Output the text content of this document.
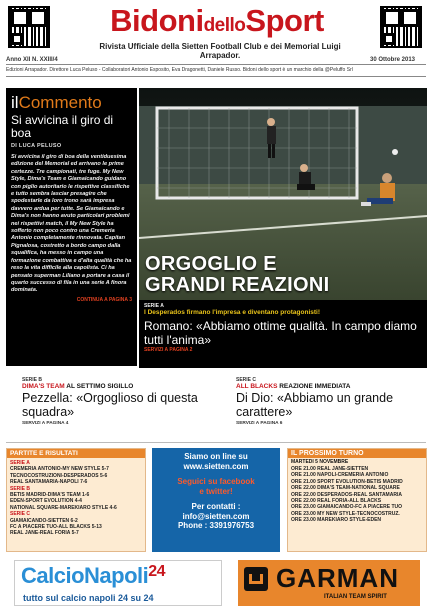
BidonidelloSport
Rivista Ufficiale della Sietten Football Club e dei Memorial Luigi Arrapador.
Anno XII N. XXIII/4	30 Ottobre 2013
Edizioni Arrapador. Direttore Luca Peluso - Collaboratori Antonio Esposito, Eva Dragonetti, Daniele Russo. Bidoni dello sport è un marchio della @Peluffo Srl
ilCommento
Si avvicina il giro di boa
DI LUCA PELUSO
Si avvicina il giro di boa della ventiduesima edizione del Memorial ed arrivano le prime certezze. Tre campionati, tre fuge. My New Style, Dima's Team e Giamaicando guidano con piglio autoritario le rispettive classifiche e tutto sembra lasciar presagire che spodestarle da loro trono sarà impresa davvero ardua per tutte. Se Giamaicando e Dima's non hanno avuto particolari problemi nei rispettivi match, il My New Style ha sofferto non poco contro una Cremeria Antonio completamente rinnovata. Capitan Pignalosa, costretto a bordo campo dalla squalifica, ha messo in campo una formazione combattiva e d'alta qualità che ha reso la vita difficile alla capolista. Ci ha pensato superman Liliano a portare a casa il quarto successo di fila in una serie A finora dominata.
CONTINUA A PAGINA 3
ORGOGLIO E
GRANDI REAZIONI
SERIE A
I Desperados firmano l'impresa e diventano protagonisti!
Romano: «Abbiamo ottime qualità. In campo diamo tutti l'anima»
SERVIZI A PAGINA 2
SERIE B
DIMA'S TEAM AL SETTIMO SIGILLO
Pezzella: «Orgoglioso di questa squadra»
SERVIZI A PAGINA 4
SERIE C
ALL BLACKS REAZIONE IMMEDIATA
Di Dio: «Abbiamo un grande carattere»
SERVIZI A PAGINA 6
PARTITE E RISULTATI
SERIE A
CREMERIA ANTONIO-MY NEW STYLE 5-7
TECNOCOSTRUZIONI-DESPERADOS 5-6
REAL SANTAMARIA-NAPOLI 7-6
SERIE B
BETIS MADRID-DIMA'S TEAM 1-6
EDEN-SPORT EVOLUTION 4-4
NATIONAL SQUARE-MAREKIARO STYLE 4-6
SERIE C
GIAMAICANDO-SIETTEN 6-2
FC A PIACERE TUO-ALL BLACKS 5-13
REAL JANE-REAL FORIA 5-7
Siamo on line su
www.sietten.com
Seguici su facebook
e twitter!
Per contatti :
info@sietten.com
Phone : 3391976753
IL PROSSIMO TURNO
MARTEDI 5 NOVEMBRE
ORE 21.00 REAL JANE-SIETTEN
ORE 21.00 NAPOLI-CREMERIA ANTONIO
ORE 21.00 SPORT EVOLUTION-BETIS MADRID
ORE 22.00 DIMA'S TEAM-NATIONAL SQUARE
ORE 22.00 DESPERADOS-REAL SANTAMARIA
ORE 22.00 REAL FORIA-ALL BLACKS
ORE 23.00 GIAMAICANDO-FC A PIACERE TUO
ORE 23.00 MY NEW STYLE-TECNOCOSTRUZ.
ORE 23.00 MAREKIARO STYLE-EDEN
CalcioNapoli$^{24}$
tutto sul calcio napoli 24 su 24
GARMAN
ITALIAN TEAM SPIRIT
